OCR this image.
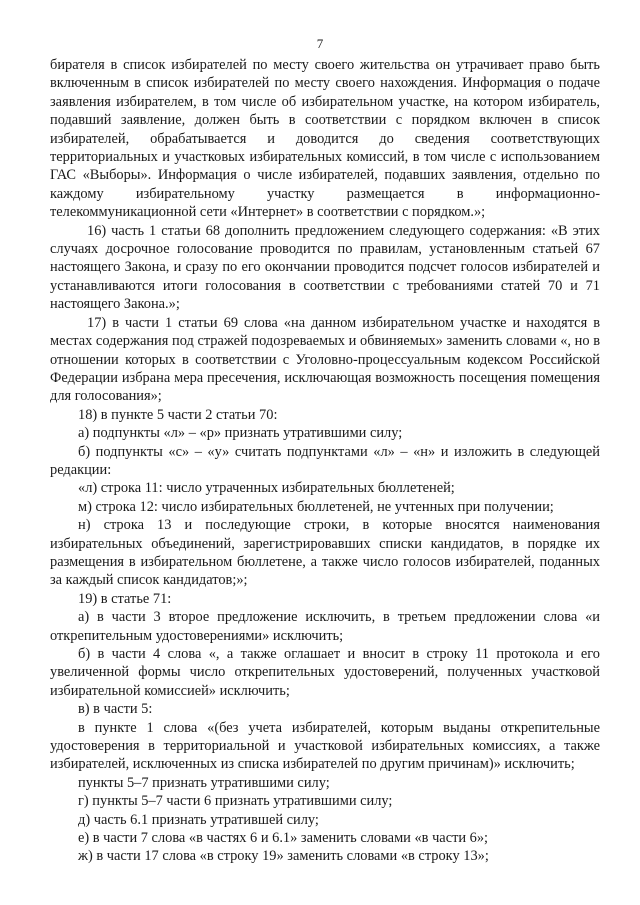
7

бирателя в список избирателей по месту своего жительства он утрачивает право быть включенным в список избирателей по месту своего нахождения. Информация о подаче заявления избирателем, в том числе об избирательном участке, на котором избиратель, подавший заявление, должен быть в соответствии с порядком включен в список избирателей, обрабатывается и доводится до сведения соответствующих территориальных и участковых избирательных комиссий, в том числе с использованием ГАС «Выборы». Информация о числе избирателей, подавших заявления, отдельно по каждому избирательному участку размещается в информационно-телекоммуникационной сети «Интернет» в соответствии с порядком.»;

16) часть 1 статьи 68 дополнить предложением следующего содержания: «В этих случаях досрочное голосование проводится по правилам, установленным статьей 67 настоящего Закона, и сразу по его окончании проводится подсчет голосов избирателей и устанавливаются итоги голосования в соответствии с требованиями статей 70 и 71 настоящего Закона.»;

17) в части 1 статьи 69 слова «на данном избирательном участке и находятся в местах содержания под стражей подозреваемых и обвиняемых» заменить словами «, но в отношении которых в соответствии с Уголовно-процессуальным кодексом Российской Федерации избрана мера пресечения, исключающая возможность посещения помещения для голосования»;

18) в пункте 5 части 2 статьи 70:

а) подпункты «л» – «р» признать утратившими силу;

б) подпункты «с» – «у» считать подпунктами «л» – «н» и изложить в следующей редакции:

«л) строка 11: число утраченных избирательных бюллетеней;

м) строка 12: число избирательных бюллетеней, не учтенных при получении;

н) строка 13 и последующие строки, в которые вносятся наименования избирательных объединений, зарегистрировавших списки кандидатов, в порядке их размещения в избирательном бюллетене, а также число голосов избирателей, поданных за каждый список кандидатов;»;

19) в статье 71:

а) в части 3 второе предложение исключить, в третьем предложении слова «и открепительным удостоверениями» исключить;

б) в части 4 слова «, а также оглашает и вносит в строку 11 протокола и его увеличенной формы число открепительных удостоверений, полученных участковой избирательной комиссией» исключить;

в) в части 5:

в пункте 1 слова «(без учета избирателей, которым выданы открепительные удостоверения в территориальной и участковой избирательных комиссиях, а также избирателей, исключенных из списка избирателей по другим причинам)» исключить;

пункты 5–7 признать утратившими силу;

г) пункты 5–7 части 6 признать утратившими силу;

д) часть 6.1 признать утратившей силу;

е) в части 7 слова «в частях 6 и 6.1» заменить словами «в части 6»;

ж) в части 17 слова «в строку 19» заменить словами «в строку 13»;
